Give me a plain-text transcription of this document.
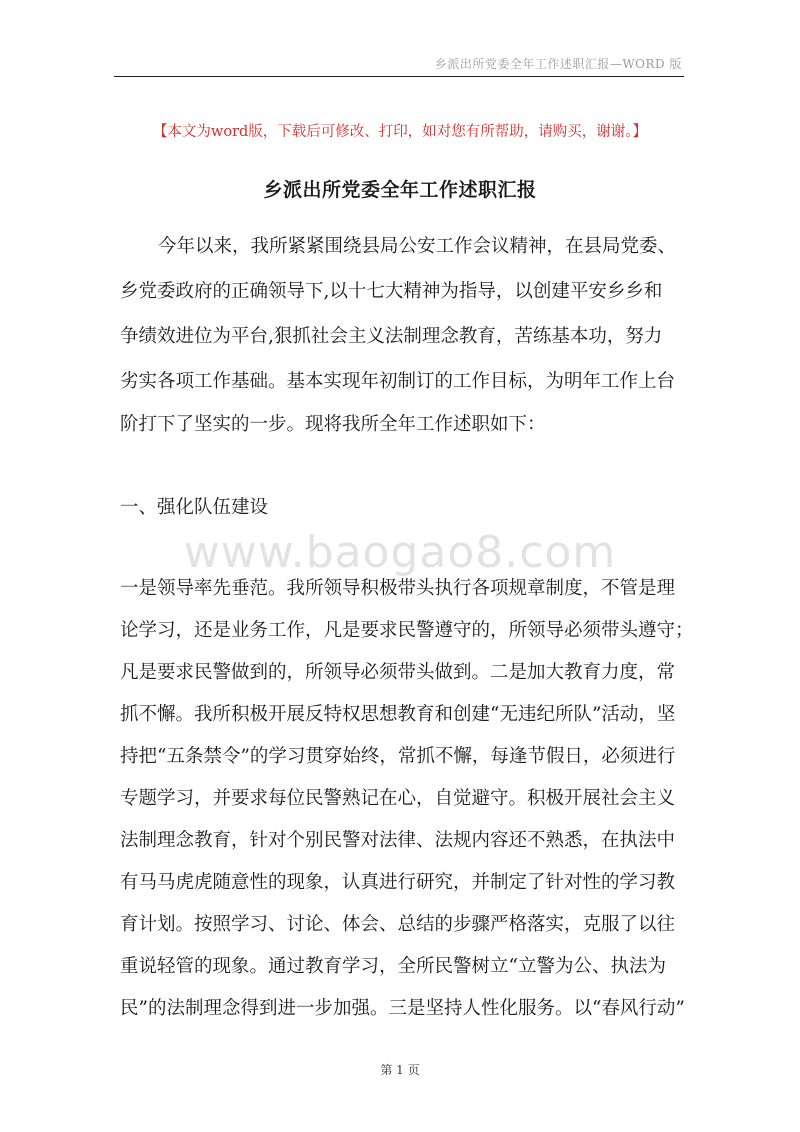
乡派出所党委全年工作述职汇报—WORD 版
【本文为word版，下载后可修改、打印，如对您有所帮助，请购买，谢谢。】
乡派出所党委全年工作述职汇报
今年以来，我所紧紧围绕县局公安工作会议精神，在县局党委、
乡党委政府的正确领导下,以十七大精神为指导，以创建平安乡乡和
争绩效进位为平台,狠抓社会主义法制理念教育，苦练基本功，努力
劣实各项工作基础。基本实现年初制订的工作目标，为明年工作上台
阶打下了坚实的一步。现将我所全年工作述职如下：
一、强化队伍建设
www.baogao8.com
一是领导率先垂范。我所领导积极带头执行各项规章制度，不管是理
论学习，还是业务工作，凡是要求民警遵守的，所领导必须带头遵守；
凡是要求民警做到的，所领导必须带头做到。二是加大教育力度，常
抓不懈。我所积极开展反特权思想教育和创建“无违纪所队”活动，坚
持把“五条禁令”的学习贯穿始终，常抓不懈，每逢节假日，必须进行
专题学习，并要求每位民警熟记在心，自觉避守。积极开展社会主义
法制理念教育，针对个别民警对法律、法规内容还不熟悉，在执法中
有马马虎虎随意性的现象，认真进行研究，并制定了针对性的学习教
育计划。按照学习、讨论、体会、总结的步骤严格落实，克服了以往
重说轻管的现象。通过教育学习，全所民警树立“立警为公、执法为
民”的法制理念得到进一步加强。三是坚持人性化服务。以“春风行动”
第 1 页
